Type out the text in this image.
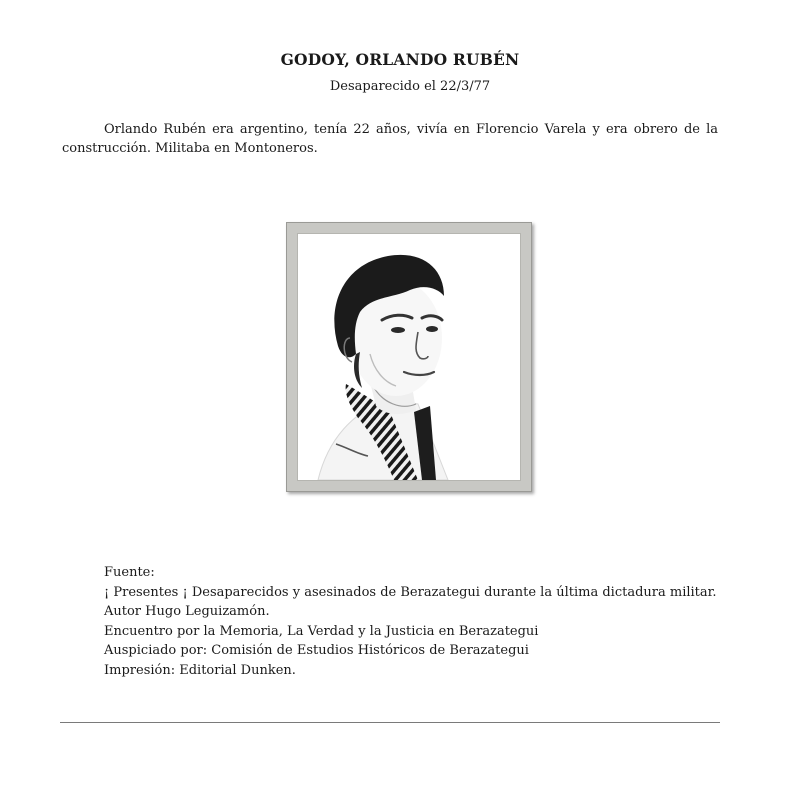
GODOY, ORLANDO RUBÉN
Desaparecido el 22/3/77

Orlando Rubén era argentino, tenía 22 años, vivía en Florencio Varela y era obrero de la construcción. Militaba en Montoneros.

Fuente:
¡ Presentes ¡ Desaparecidos y asesinados de Berazategui durante la última dictadura militar.
Autor Hugo Leguizamón.
Encuentro por la Memoria, La Verdad y la Justicia en Berazategui
Auspiciado por: Comisión de Estudios Históricos de Berazategui
Impresión: Editorial Dunken.
